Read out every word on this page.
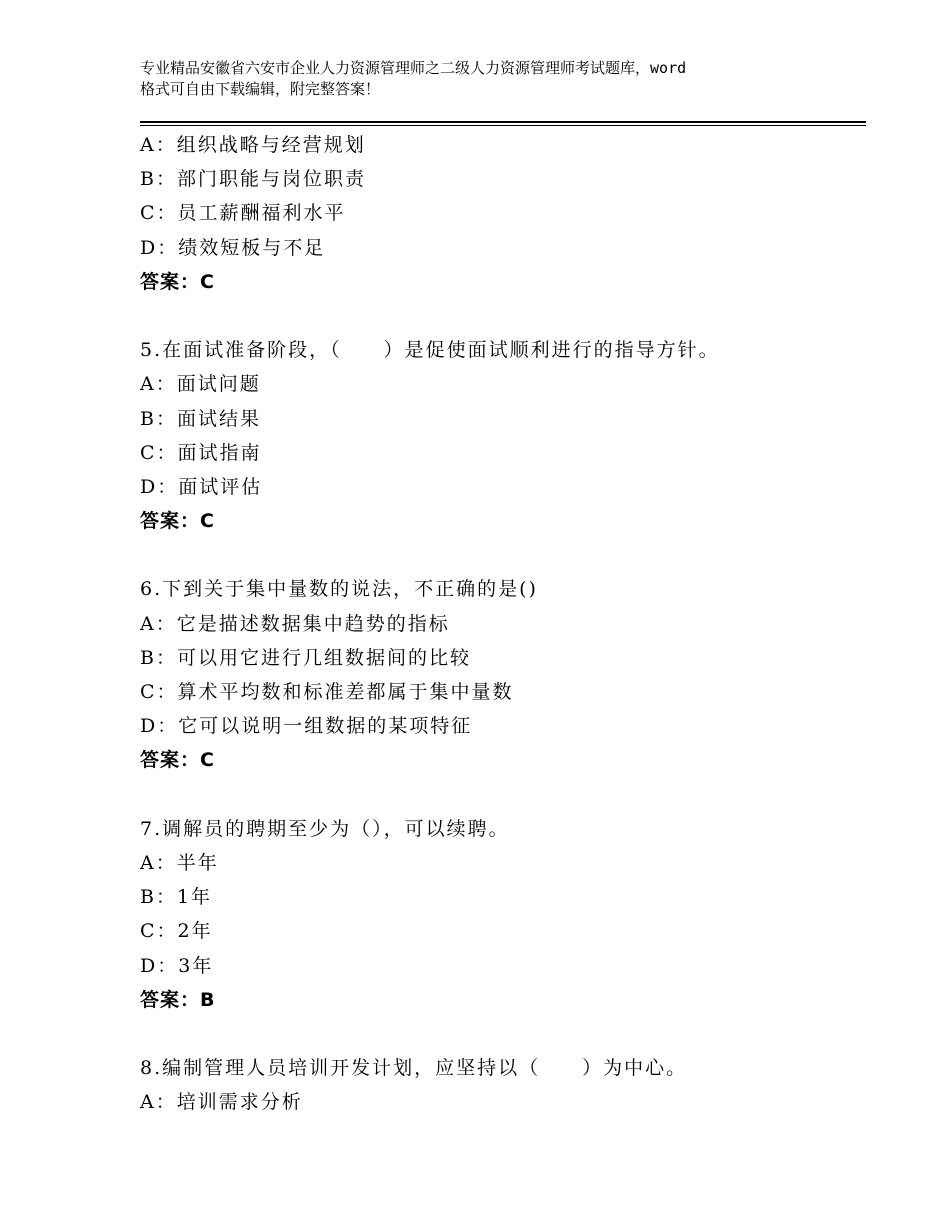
专业精品安徽省六安市企业人力资源管理师之二级人力资源管理师考试题库，word
格式可自由下载编辑，附完整答案！
A：组织战略与经营规划
B：部门职能与岗位职责
C：员工薪酬福利水平
D：绩效短板与不足
答案：C
5.在面试准备阶段，（　　）是促使面试顺利进行的指导方针。
A：面试问题
B：面试结果
C：面试指南
D：面试评估
答案：C
6.下到关于集中量数的说法，不正确的是()
A：它是描述数据集中趋势的指标
B：可以用它进行几组数据间的比较
C：算术平均数和标准差都属于集中量数
D：它可以说明一组数据的某项特征
答案：C
7.调解员的聘期至少为（），可以续聘。
A：半年
B：1年
C：2年
D：3年
答案：B
8.编制管理人员培训开发计划，应坚持以（　　）为中心。
A：培训需求分析
